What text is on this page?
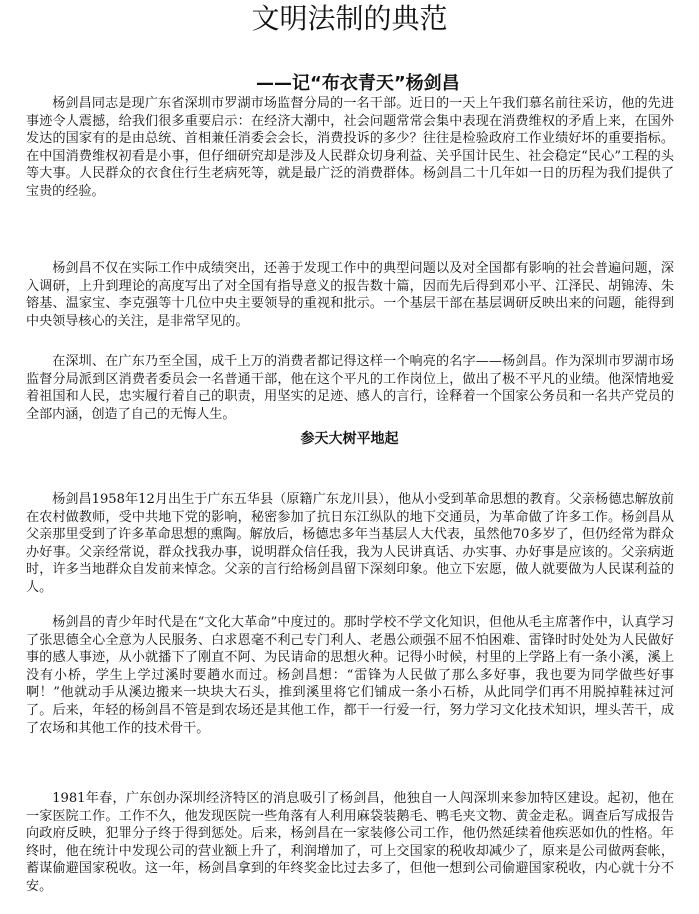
文明法制的典范
——记“布衣青天”杨剑昌

杨剑昌同志是现广东省深圳市罗湖市场监督分局的一名干部。近日的一天上午我们慕名前往采访，他的先进事迹令人震撼，给我们很多重要启示：在经济大潮中，社会问题常常会集中表现在消费维权的矛盾上来，在国外发达的国家有的是由总统、首相兼任消委会会长，消费投诉的多少？往往是检验政府工作业绩好坏的重要指标。在中国消费维权初看是小事，但仔细研究却是涉及人民群众切身利益、关乎国计民生、社会稳定“民心”工程的头等大事。人民群众的衣食住行生老病死等，就是最广泛的消费群体。杨剑昌二十几年如一日的历程为我们提供了宝贵的经验。

杨剑昌不仅在实际工作中成绩突出，还善于发现工作中的典型问题以及对全国都有影响的社会普遍问题，深入调研，上升到理论的高度写出了对全国有指导意义的报告数十篇，因而先后得到邓小平、江泽民、胡锦涛、朱镕基、温家宝、李克强等十几位中央主要领导的重视和批示。一个基层干部在基层调研反映出来的问题，能得到中央领导核心的关注，是非常罕见的。

在深圳、在广东乃至全国，成千上万的消费者都记得这样一个响亮的名字——杨剑昌。作为深圳市罗湖市场监督分局派到区消费者委员会一名普通干部，他在这个平凡的工作岗位上，做出了极不平凡的业绩。他深情地爱着祖国和人民，忠实履行着自己的职责，用坚实的足迹、感人的言行，诠释着一个国家公务员和一名共产党员的全部内涵，创造了自己的无悔人生。

参天大树平地起

杨剑昌1958年12月出生于广东五华县（原籍广东龙川县），他从小受到革命思想的教育。父亲杨德忠解放前在农村做教师，受中共地下党的影响，秘密参加了抗日东江纵队的地下交通员，为革命做了许多工作。杨剑昌从父亲那里受到了许多革命思想的熏陶。解放后，杨德忠多年当基层人大代表，虽然他70多岁了，但仍经常为群众办好事。父亲经常说，群众找我办事，说明群众信任我，我为人民讲真话、办实事、办好事是应该的。父亲病逝时，许多当地群众自发前来悼念。父亲的言行给杨剑昌留下深刻印象。他立下宏愿，做人就要做为人民谋利益的人。

杨剑昌的青少年时代是在“文化大革命”中度过的。那时学校不学文化知识，但他从毛主席著作中，认真学习了张思德全心全意为人民服务、白求恩毫不利己专门利人、老愚公顽强不屈不怕困难、雷锋时时处处为人民做好事的感人事迹，从小就播下了刚直不阿、为民请命的思想火种。记得小时候，村里的上学路上有一条小溪，溪上没有小桥，学生上学过溪时要趟水而过。杨剑昌想：“雷锋为人民做了那么多好事，我也要为同学做些好事啊！”他就动手从溪边搬来一块块大石头，推到溪里将它们铺成一条小石桥，从此同学们再不用脱掉鞋袜过河了。后来，年轻的杨剑昌不管是到农场还是其他工作，都干一行爱一行，努力学习文化技术知识，埋头苦干，成了农场和其他工作的技术骨干。

1981年春，广东创办深圳经济特区的消息吸引了杨剑昌，他独自一人闯深圳来参加特区建设。起初，他在一家医院工作。工作不久，他发现医院一些角落有人利用麻袋装鹅毛、鸭毛夹文物、黄金走私。调查后写成报告向政府反映，犯罪分子终于得到惩处。后来，杨剑昌在一家装修公司工作，他仍然延续着他疾恶如仇的性格。年终时，他在统计中发现公司的营业额上升了，利润增加了，可上交国家的税收却减少了，原来是公司做两套帐，蓄谋偷避国家税收。这一年，杨剑昌拿到的年终奖金比过去多了，但他一想到公司偷避国家税收，内心就十分不安。
